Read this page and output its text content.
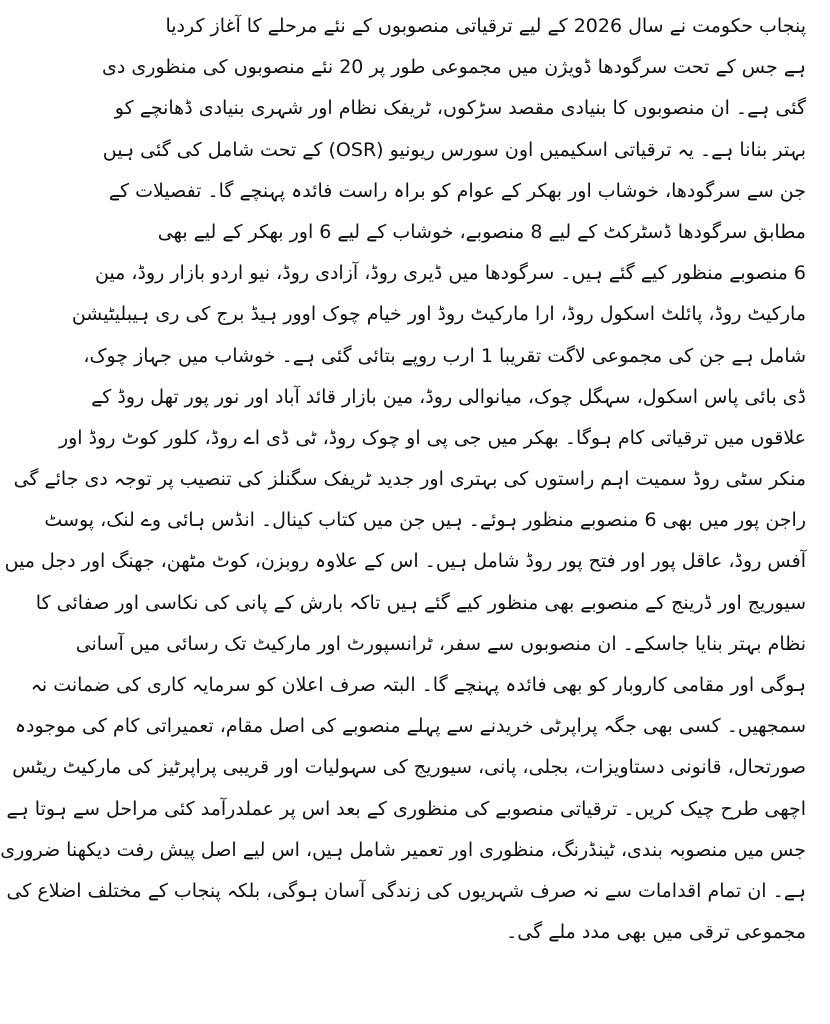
پنجاب حکومت نے سال 2026 کے لیے ترقیاتی منصوبوں کے نئے مرحلے کا آغاز کردیا
ہے جس کے تحت سرگودھا ڈویژن میں مجموعی طور پر 20 نئے منصوبوں کی منظوری دی
گئی ہے۔ ان منصوبوں کا بنیادی مقصد سڑکوں، ٹریفک نظام اور شہری بنیادی ڈھانچے کو
بہتر بنانا ہے۔ یہ ترقیاتی اسکیمیں اون سورس ریونیو (OSR) کے تحت شامل کی گئی ہیں
جن سے سرگودھا، خوشاب اور بھکر کے عوام کو براہ راست فائدہ پہنچے گا۔ تفصیلات کے
مطابق سرگودھا ڈسٹرکٹ کے لیے 8 منصوبے، خوشاب کے لیے 6 اور بھکر کے لیے بھی
6 منصوبے منظور کیے گئے ہیں۔ سرگودھا میں ڈیری روڈ، آزادی روڈ، نیو اردو بازار روڈ، مین
مارکیٹ روڈ، پائلٹ اسکول روڈ، ارا مارکیٹ روڈ اور خیام چوک اوور ہیڈ برج کی ری ہیبلیٹیشن
شامل ہے جن کی مجموعی لاگت تقریبا 1 ارب روپے بتائی گئی ہے۔ خوشاب میں جہاز چوک،
ڈی بائی پاس اسکول، سہگل چوک، میانوالی روڈ، مین بازار قائد آباد اور نور پور تھل روڈ کے
علاقوں میں ترقیاتی کام ہوگا۔ بھکر میں جی پی او چوک روڈ، ٹی ڈی اے روڈ، کلور کوٹ روڈ اور
منکر سٹی روڈ سمیت اہم راستوں کی بہتری اور جدید ٹریفک سگنلز کی تنصیب پر توجہ دی جائے گی
راجن پور میں بھی 6 منصوبے منظور ہوئے۔ ہیں جن میں کتاب کینال۔ انڈس ہائی وے لنک، پوسٹ
آفس روڈ، عاقل پور اور فتح پور روڈ شامل ہیں۔ اس کے علاوہ روبزن، کوٹ مٹھن، جھنگ اور دجل میں
سیوریج اور ڈرینج کے منصوبے بھی منظور کیے گئے ہیں تاکہ بارش کے پانی کی نکاسی اور صفائی کا
نظام بہتر بنایا جاسکے۔ ان منصوبوں سے سفر، ٹرانسپورٹ اور مارکیٹ تک رسائی میں آسانی
ہوگی اور مقامی کاروبار کو بھی فائدہ پہنچے گا۔ البتہ صرف اعلان کو سرمایہ کاری کی ضمانت نہ
سمجھیں۔ کسی بھی جگہ پراپرٹی خریدنے سے پہلے منصوبے کی اصل مقام، تعمیراتی کام کی موجودہ
صورتحال، قانونی دستاویزات، بجلی، پانی، سیوریج کی سہولیات اور قریبی پراپرٹیز کی مارکیٹ ریٹس
اچھی طرح چیک کریں۔ ترقیاتی منصوبے کی منظوری کے بعد اس پر عملدرآمد کئی مراحل سے ہوتا ہے
جس میں منصوبہ بندی، ٹینڈرنگ، منظوری اور تعمیر شامل ہیں، اس لیے اصل پیش رفت دیکھنا ضروری
ہے۔ ان تمام اقدامات سے نہ صرف شہریوں کی زندگی آسان ہوگی، بلکہ پنجاب کے مختلف اضلاع کی
مجموعی ترقی میں بھی مدد ملے گی۔
